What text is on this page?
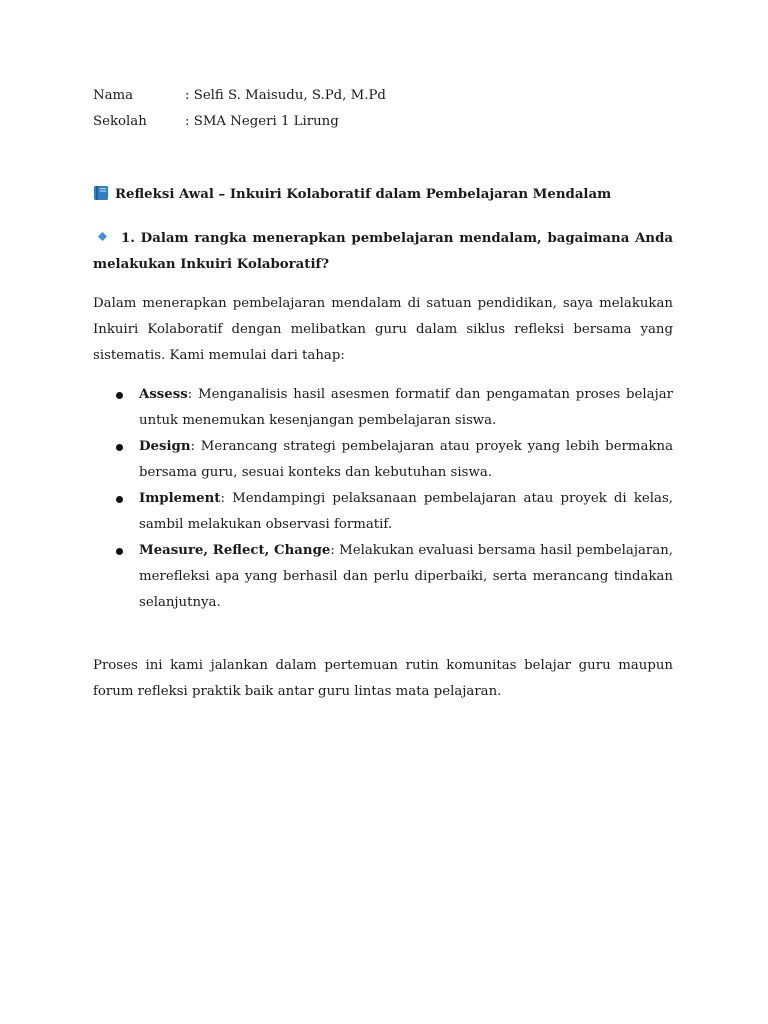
Nama	: Selfi S. Maisudu, S.Pd, M.Pd
Sekolah	: SMA Negeri 1 Lirung
Refleksi Awal – Inkuiri Kolaboratif dalam Pembelajaran Mendalam
1. Dalam rangka menerapkan pembelajaran mendalam, bagaimana Anda melakukan Inkuiri Kolaboratif?
Dalam menerapkan pembelajaran mendalam di satuan pendidikan, saya melakukan Inkuiri Kolaboratif dengan melibatkan guru dalam siklus refleksi bersama yang sistematis. Kami memulai dari tahap:
Assess: Menganalisis hasil asesmen formatif dan pengamatan proses belajar untuk menemukan kesenjangan pembelajaran siswa.
Design: Merancang strategi pembelajaran atau proyek yang lebih bermakna bersama guru, sesuai konteks dan kebutuhan siswa.
Implement: Mendampingi pelaksanaan pembelajaran atau proyek di kelas, sambil melakukan observasi formatif.
Measure, Reflect, Change: Melakukan evaluasi bersama hasil pembelajaran, merefleksi apa yang berhasil dan perlu diperbaiki, serta merancang tindakan selanjutnya.
Proses ini kami jalankan dalam pertemuan rutin komunitas belajar guru maupun forum refleksi praktik baik antar guru lintas mata pelajaran.
